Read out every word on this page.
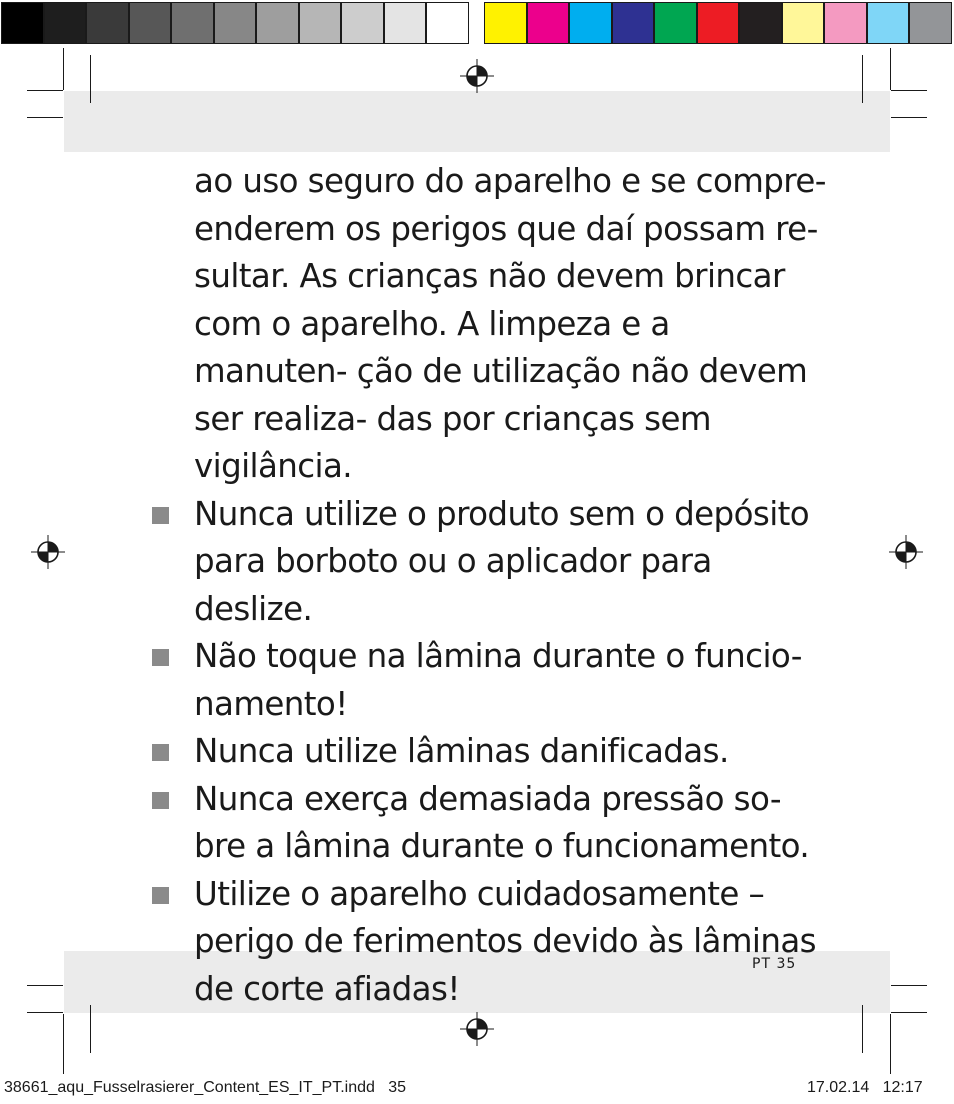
ao uso seguro do aparelho e se compre- enderem os perigos que daí possam re- sultar. As crianças não devem brincar com o aparelho. A limpeza e a manuten- ção de utilização não devem ser realiza- das por crianças sem vigilância.

Nunca utilize o produto sem o depósito para borboto ou o aplicador para deslize.

Não toque na lâmina durante o funcio- namento!

Nunca utilize lâminas danificadas.

Nunca exerça demasiada pressão so- bre a lâmina durante o funcionamento.

Utilize o aparelho cuidadosamente – perigo de ferimentos devido às lâminas de corte afiadas!

PT 35
38661_aqu_Fusselrasierer_Content_ES_IT_PT.indd   35	17.02.14   12:17
